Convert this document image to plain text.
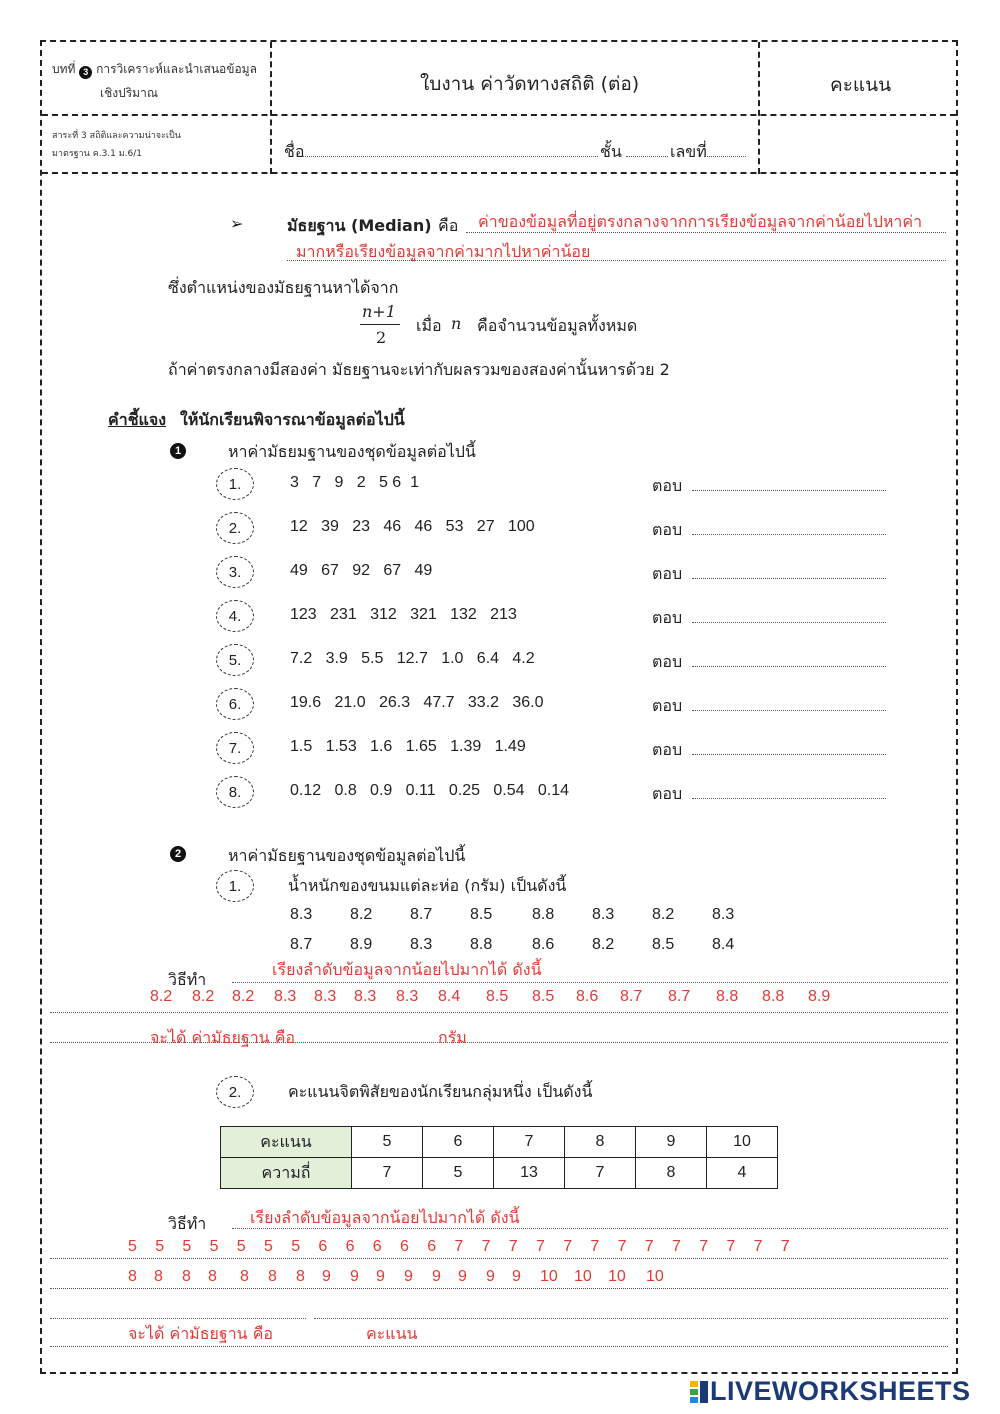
บทที่ 3 การวิเคราะห์และนำเสนอข้อมูล
เชิงปริมาณ	ใบงาน ค่าวัดทางสถิติ (ต่อ)	คะแนน
สาระที่ 3 สถิติและความน่าจะเป็น
มาตรฐาน ค.3.1 ม.6/1	ชื่อ	ชั้น	เลขที่
➢	มัธยฐาน (Median) คือ ค่าของข้อมูลที่อยู่ตรงกลางจากการเรียงข้อมูลจากค่าน้อยไปหาค่า
มากหรือเรียงข้อมูลจากค่ามากไปหาค่าน้อย
ซึ่งตำแหน่งของมัธยฐานหาได้จาก
n+1
2
เมื่อ n คือจำนวนข้อมูลทั้งหมด
ถ้าค่าตรงกลางมีสองค่า มัธยฐานจะเท่ากับผลรวมของสองค่านั้นหารด้วย 2
คำชี้แจง ให้นักเรียนพิจารณาข้อมูลต่อไปนี้
1	หาค่ามัธยมฐานของชุดข้อมูลต่อไปนี้
1.	3   7   9   2   5 6  1	ตอบ
2.	12   39   23   46   46   53   27   100	ตอบ
3.	49   67   92   67   49	ตอบ
4.	123   231   312   321   132   213	ตอบ
5.	7.2   3.9   5.5   12.7   1.0   6.4   4.2	ตอบ
6.	19.6   21.0   26.3   47.7   33.2   36.0	ตอบ
7.	1.5   1.53   1.6   1.65   1.39   1.49	ตอบ
8.	0.12   0.8   0.9   0.11   0.25   0.54   0.14	ตอบ
2	หาค่ามัธยฐานของชุดข้อมูลต่อไปนี้
1.	น้ำหนักของขนมแต่ละห่อ (กรัม) เป็นดังนี้
8.3 8.2 8.7 8.5 8.8 8.3 8.2 8.3
8.7 8.9 8.3 8.8 8.6 8.2 8.5 8.4
วิธีทำ
เรียงลำดับข้อมูลจากน้อยไปมากได้ ดังนี้
8.2 8.2 8.2 8.3 8.3 8.3 8.3 8.4 8.5 8.5 8.6 8.7 8.7 8.8 8.8 8.9
จะได้ ค่ามัธยฐาน คือ	กรัม
2.	คะแนนจิตพิสัยของนักเรียนกลุ่มหนึ่ง เป็นดังนี้
คะแนน	5	6	7	8	9	10
ความถี่	7	5	13	7	8	4
วิธีทำ	เรียงลำดับข้อมูลจากน้อยไปมากได้ ดังนี้
5 5 5 5 5 5 5 6 6 6 6 6 7 7 7 7 7 7 7 7 7 7 7 7 7
8 8 8 8 8 8 8 9 9 9 9 9 9 9 9 10 10 10 10
จะได้ ค่ามัธยฐาน คือ	คะแนน
LIVEWORKSHEETS
